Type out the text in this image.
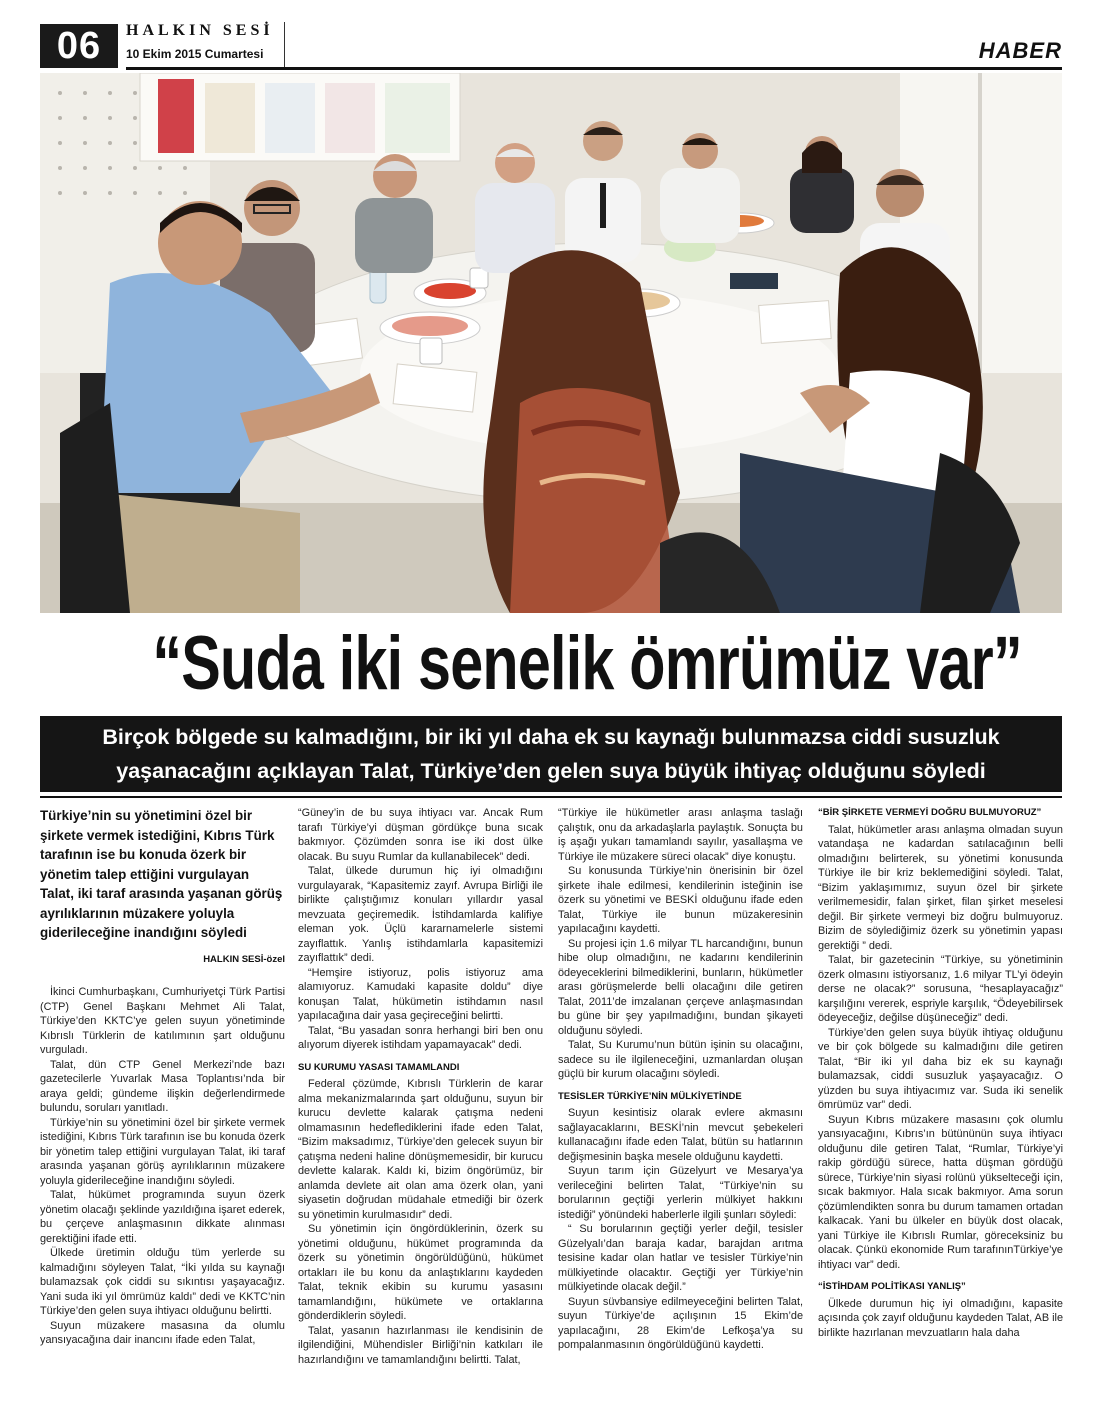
06	HALKIN SESİ
10 Ekim 2015 Cumartesi	HABER
“Suda iki senelik ömrümüz var”
Birçok bölgede su kalmadığını, bir iki yıl daha ek su kaynağı bulunmazsa ciddi susuzluk
yaşanacağını açıklayan Talat, Türkiye’den gelen suya büyük ihtiyaç olduğunu söyledi
Türkiye’nin su yönetimini özel bir şirkete vermek istediğini, Kıbrıs Türk tarafının ise bu konuda özerk bir yönetim talep ettiğini vurgulayan Talat, iki taraf arasında yaşanan görüş ayrılıklarının müzakere yoluyla giderileceğine inandığını söyledi
HALKIN SESİ-özel

İkinci Cumhurbaşkanı, Cumhuriyetçi Türk Partisi (CTP) Genel Başkanı Mehmet Ali Talat, Türkiye’den KKTC’ye gelen suyun yönetiminde Kıbrıslı Türklerin de katılımının şart olduğunu vurguladı.

Talat, dün CTP Genel Merkezi’nde bazı gazetecilerle Yuvarlak Masa Toplantısı’nda bir araya geldi; gündeme ilişkin değerlendirmede bulundu, soruları yanıtladı.

Türkiye’nin su yönetimini özel bir şirkete vermek istediğini, Kıbrıs Türk tarafının ise bu konuda özerk bir yönetim talep ettiğini vurgulayan Talat, iki taraf arasında yaşanan görüş ayrılıklarının müzakere yoluyla giderileceğine inandığını söyledi.

Talat, hükümet programında suyun özerk yönetim olacağı şeklinde yazıldığına işaret ederek, bu çerçeve anlaşmasının dikkate alınması gerektiğini ifade etti.

Ülkede üretimin olduğu tüm yerlerde su kalmadığını söyleyen Talat, “İki yılda su kaynağı bulamazsak çok ciddi su sıkıntısı yaşayacağız. Yani suda iki yıl ömrümüz kaldı” dedi ve KKTC’nin Türkiye’den gelen suya ihtiyacı olduğunu belirtti.

Suyun müzakere masasına da olumlu yansıyacağına dair inancını ifade eden Talat,

“Güney’in de bu suya ihtiyacı var. Ancak Rum tarafı Türkiye’yi düşman gördükçe buna sıcak bakmıyor. Çözümden sonra ise iki dost ülke olacak. Bu suyu Rumlar da kullanabilecek” dedi.

Talat, ülkede durumun hiç iyi olmadığını vurgulayarak, “Kapasitemiz zayıf. Avrupa Birliği ile birlikte çalıştığımız konuları yıllardır yasal mevzuata geçiremedik. İstihdamlarda kalifiye eleman yok. Üçlü kararnamelerle sistemi zayıflattık. Yanlış istihdamlarla kapasitemizi zayıflattık” dedi.

“Hemşire istiyoruz, polis istiyoruz ama alamıyoruz. Kamudaki kapasite doldu” diye konuşan Talat, hükümetin istihdamın nasıl yapılacağına dair yasa geçireceğini belirtti.

Talat, “Bu yasadan sonra herhangi biri ben onu alıyorum diyerek istihdam yapamayacak” dedi.

SU KURUMU YASASI TAMAMLANDI

Federal çözümde, Kıbrıslı Türklerin de karar alma mekanizmalarında şart olduğunu, suyun bir kurucu devlette kalarak çatışma nedeni olmamasının hedeflediklerini ifade eden Talat, “Bizim maksadımız, Türkiye’den gelecek suyun bir çatışma nedeni haline dönüşmemesidir, bir kurucu devlette kalarak. Kaldı ki, bizim öngörümüz, bir anlamda devlete ait olan ama özerk olan, yani siyasetin doğrudan müdahale etmediği bir özerk su yönetimin kurulmasıdır” dedi.

Su yönetimin için öngördüklerinin, özerk su yönetimi olduğunu, hükümet programında da özerk su yönetimin öngörüldüğünü, hükümet ortakları ile bu konu da anlaştıklarını kaydeden Talat, teknik ekibin su kurumu yasasını tamamlandığını, hükümete ve ortaklarına gönderdiklerin söyledi.

Talat, yasanın hazırlanması ile kendisinin de ilgilendiğini, Mühendisler Birliği’nin katkıları ile hazırlandığını ve tamamlandığını belirtti. Talat,

“Türkiye ile hükümetler arası anlaşma taslağı çalıştık, onu da arkadaşlarla paylaştık. Sonuçta bu iş aşağı yukarı tamamlandı sayılır, yasallaşma ve Türkiye ile müzakere süreci olacak” diye konuştu.

Su konusunda Türkiye’nin önerisinin bir özel şirkete ihale edilmesi, kendilerinin isteğinin ise özerk su yönetimi ve BESKİ olduğunu ifade eden Talat, Türkiye ile bunun müzakeresinin yapılacağını kaydetti.

Su projesi için 1.6 milyar TL harcandığını, bunun hibe olup olmadığını, ne kadarını kendilerinin ödeyeceklerini bilmediklerini, bunların, hükümetler arası görüşmelerde belli olacağını dile getiren Talat, 2011’de imzalanan çerçeve anlaşmasından bu güne bir şey yapılmadığını, bundan şikayeti olduğunu söyledi.

Talat, Su Kurumu’nun bütün işinin su olacağını, sadece su ile ilgileneceğini, uzmanlardan oluşan güçlü bir kurum olacağını söyledi.

TESİSLER TÜRKİYE’NİN MÜLKİYETİNDE

Suyun kesintisiz olarak evlere akmasını sağlayacaklarını, BESKİ’nin mevcut şebekeleri kullanacağını ifade eden Talat, bütün su hatlarının değişmesinin başka mesele olduğunu kaydetti.

Suyun tarım için Güzelyurt ve Mesarya’ya verileceğini belirten Talat, “Türkiye’nin su borularının geçtiği yerlerin mülkiyet hakkını istediği” yönündeki haberlerle ilgili şunları söyledi:

“ Su borularının geçtiği yerler değil, tesisler Güzelyalı’dan baraja kadar, barajdan arıtma tesisine kadar olan hatlar ve tesisler Türkiye’nin mülkiyetinde olacaktır. Geçtiği yer Türkiye’nin mülkiyetinde olacak değil.”

Suyun süvbansiye edilmeyeceğini belirten Talat, suyun Türkiye’de açılışının 15 Ekim’de yapılacağını, 28 Ekim’de Lefkoşa’ya su pompalanmasının öngörüldüğünü kaydetti.

“BİR ŞİRKETE VERMEYİ DOĞRU BULMUYORUZ”

Talat, hükümetler arası anlaşma olmadan suyun vatandaşa ne kadardan satılacağının belli olmadığını belirterek, su yönetimi konusunda Türkiye ile bir kriz beklemediğini söyledi. Talat, “Bizim yaklaşımımız, suyun özel bir şirkete verilmemesidir, falan şirket, filan şirket meselesi değil. Bir şirkete vermeyi biz doğru bulmuyoruz. Bizim de söylediğimiz özerk su yönetimin yapası gerektiği ” dedi.

Talat, bir gazetecinin “Türkiye, su yönetiminin özerk olmasını istiyorsanız, 1.6 milyar TL’yi ödeyin derse ne olacak?” sorusuna, “hesaplayacağız” karşılığını vererek, espriyle karşılık, “Ödeyebilirsek ödeyeceğiz, değilse düşüneceğiz” dedi.

Türkiye’den gelen suya büyük ihtiyaç olduğunu ve bir çok bölgede su kalmadığını dile getiren Talat, “Bir iki yıl daha biz ek su kaynağı bulamazsak, ciddi susuzluk yaşayacağız. O yüzden bu suya ihtiyacımız var. Suda iki senelik ömrümüz var” dedi.

Suyun Kıbrıs müzakere masasını çok olumlu yansıyacağını, Kıbrıs’ın bütününün suya ihtiyacı olduğunu dile getiren Talat, “Rumlar, Türkiye’yi rakip gördüğü sürece, hatta düşman gördüğü sürece, Türkiye’nin siyasi rolünü yükselteceği için, sıcak bakmıyor. Hala sıcak bakmıyor. Ama sorun çözümlendikten sonra bu durum tamamen ortadan kalkacak. Yani bu ülkeler en büyük dost olacak, yani Türkiye ile Kıbrıslı Rumlar, göreceksiniz bu olacak. Çünkü ekonomide Rum tarafınınTürkiye’ye ihtiyacı var” dedi.

“İSTİHDAM POLİTİKASI YANLIŞ”

Ülkede durumun hiç iyi olmadığını, kapasite açısında çok zayıf olduğunu kaydeden Talat, AB ile birlikte hazırlanan mevzuatların hala daha
